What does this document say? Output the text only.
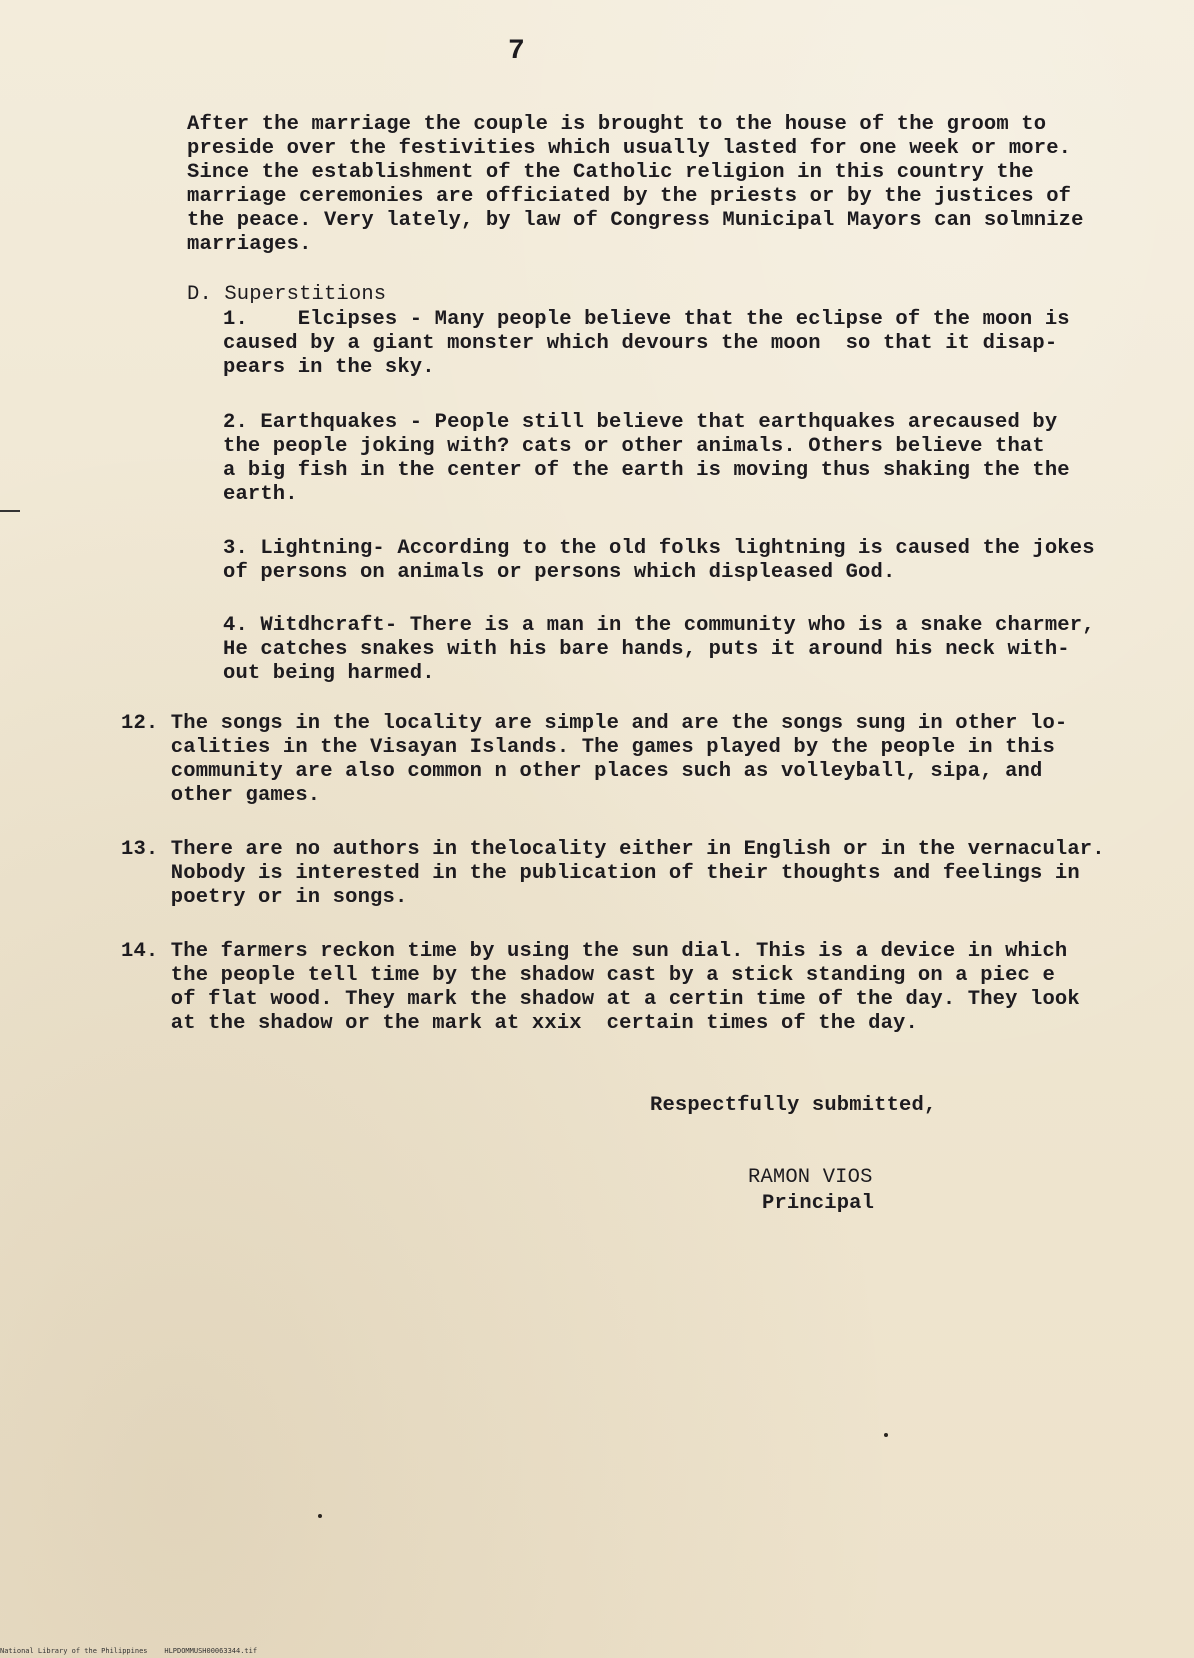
7
After the marriage the couple is brought to the house of the groom to
preside over the festivities which usually lasted for one week or more.
Since the establishment of the Catholic religion in this country the
marriage ceremonies are officiated by the priests or by the justices of
the peace. Very lately, by law of Congress Municipal Mayors can solmnize
marriages.
D. Superstitions
1.    Elcipses - Many people believe that the eclipse of the moon is
caused by a giant monster which devours the moon  so that it disap-
pears in the sky.
2. Earthquakes - People still believe that earthquakes arecaused by
the people joking with? cats or other animals. Others believe that
a big fish in the center of the earth is moving thus shaking the the
earth.
3. Lightning- According to the old folks lightning is caused the jokes
of persons on animals or persons which displeased God.
4. Witdhcraft- There is a man in the community who is a snake charmer,
He catches snakes with his bare hands, puts it around his neck with-
out being harmed.
12. The songs in the locality are simple and are the songs sung in other lo-
calities in the Visayan Islands. The games played by the people in this
community are also common n other places such as volleyball, sipa, and
other games.
13. There are no authors in thelocality either in English or in the vernacular.
Nobody is interested in the publication of their thoughts and feelings in
poetry or in songs.
14. The farmers reckon time by using the sun dial. This is a device in which
the people tell time by the shadow cast by a stick standing on a piec e
of flat wood. They mark the shadow at a certin time of the day. They look
at the shadow or the mark at xxix  certain times of the day.
Respectfully submitted,
RAMON VIOS
Principal
National Library of the Philippines    HLPDOMMUSH00063344.tif
